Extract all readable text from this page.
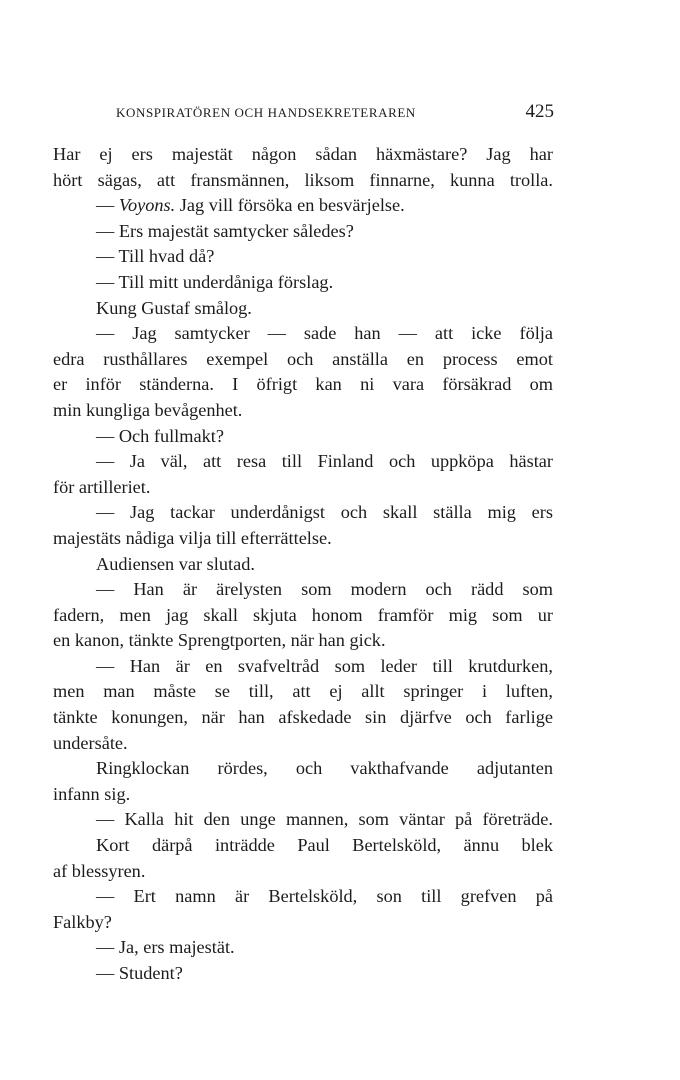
KONSPIRATÖREN OCH HANDSEKRETERAREN	425
Har ej ers majestät någon sådan häxmästare? Jag har
hört sägas, att fransmännen, liksom finnarne, kunna trolla.
— Voyons. Jag vill försöka en besvärjelse.
— Ers majestät samtycker således?
— Till hvad då?
— Till mitt underdåniga förslag.
Kung Gustaf smålog.
— Jag samtycker — sade han — att icke följa
edra rusthållares exempel och anställa en process emot
er inför ständerna. I öfrigt kan ni vara försäkrad om
min kungliga bevågenhet.
— Och fullmakt?
— Ja väl, att resa till Finland och uppköpa hästar
för artilleriet.
— Jag tackar underdånigst och skall ställa mig ers
majestäts nådiga vilja till efterrättelse.
Audiensen var slutad.
— Han är ärelysten som modern och rädd som
fadern, men jag skall skjuta honom framför mig som ur
en kanon, tänkte Sprengtporten, när han gick.
— Han är en svafveltråd som leder till krutdurken,
men man måste se till, att ej allt springer i luften,
tänkte konungen, när han afskedade sin djärfve och farlige
undersåte.
Ringklockan rördes, och vakthafvande adjutanten
infann sig.
— Kalla hit den unge mannen, som väntar på företräde.
Kort därpå inträdde Paul Bertelsköld, ännu blek
af blessyren.
— Ert namn är Bertelsköld, son till grefven på
Falkby?
— Ja, ers majestät.
— Student?
